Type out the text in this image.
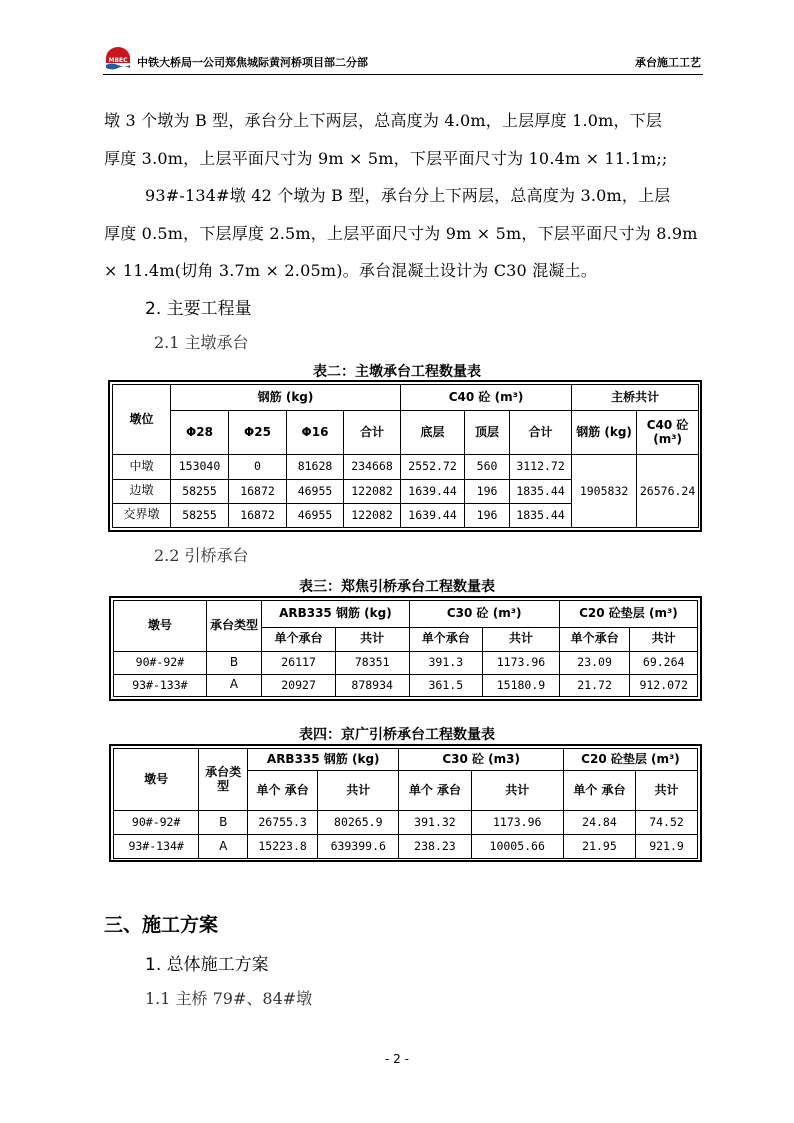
MBEC 中铁大桥局一公司郑焦城际黄河桥项目部二分部	承台施工工艺
墩 3 个墩为 B 型，承台分上下两层，总高度为 4.0m，上层厚度 1.0m，下层
厚度 3.0m，上层平面尺寸为 9m × 5m，下层平面尺寸为 10.4m × 11.1m;;
93#-134#墩 42 个墩为 B 型，承台分上下两层，总高度为 3.0m，上层
厚度 0.5m，下层厚度 2.5m，上层平面尺寸为 9m × 5m，下层平面尺寸为 8.9m
× 11.4m(切角 3.7m × 2.05m)。承台混凝土设计为 C30 混凝土。
2. 主要工程量
2.1 主墩承台
表二：主墩承台工程数量表
墩位	钢筋 (kg)				C40 砼 (m³)			主桥共计	
	Φ28	Φ25	Φ16	合计	底层	顶层	合计	钢筋 (kg)	C40 砼 (m³)
中墩	153040	0	81628	234668	2552.72	560	3112.72	1905832	26576.24
边墩	58255	16872	46955	122082	1639.44	196	1835.44		
交界墩	58255	16872	46955	122082	1639.44	196	1835.44		
2.2 引桥承台
表三：郑焦引桥承台工程数量表
墩号	承台类型	ARB335 钢筋 (kg)		C30 砼 (m³)		C20 砼垫层 (m³)	
		单个承台	共计	单个承台	共计	单个承台	共计
90#-92#	B	26117	78351	391.3	1173.96	23.09	69.264
93#-133#	A	20927	878934	361.5	15180.9	21.72	912.072
表四：京广引桥承台工程数量表
墩号	承台类型	ARB335 钢筋 (kg)		C30 砼 (m3)		C20 砼垫层 (m³)	
		单个 承台	共计	单个 承台	共计	单个 承台	共计
90#-92#	B	26755.3	80265.9	391.32	1173.96	24.84	74.52
93#-134#	A	15223.8	639399.6	238.23	10005.66	21.95	921.9
三、施工方案
1. 总体施工方案
1.1 主桥 79#、84#墩
- 2 -
